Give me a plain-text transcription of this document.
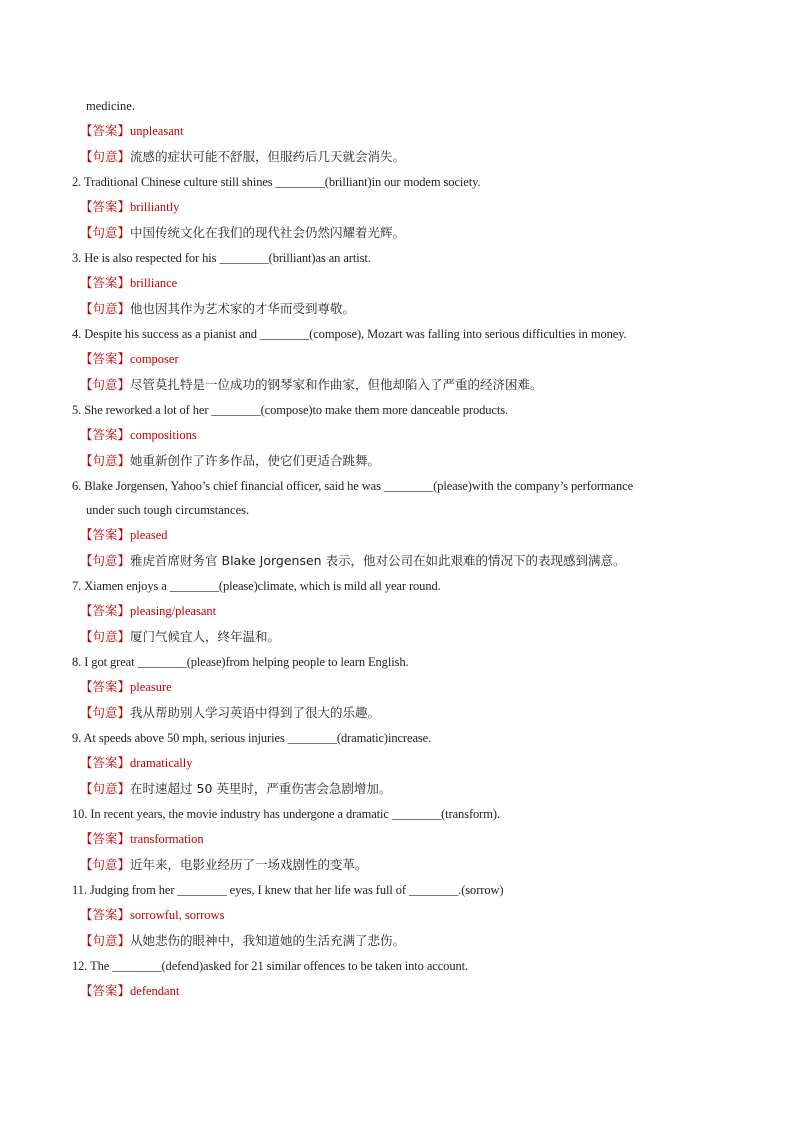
medicine.

【答案】unpleasant

【句意】流感的症状可能不舒服，但服药后几天就会消失。

2. Traditional Chinese culture still shines ________(brilliant)in our modem society.

【答案】brilliantly

【句意】中国传统文化在我们的现代社会仍然闪耀着光辉。

3. He is also respected for his ________(brilliant)as an artist.

【答案】brilliance

【句意】他也因其作为艺术家的才华而受到尊敬。

4. Despite his success as a pianist and ________(compose), Mozart was falling into serious difficulties in money.

【答案】composer

【句意】尽管莫扎特是一位成功的钢琴家和作曲家，但他却陷入了严重的经济困难。

5. She reworked a lot of her ________(compose)to make them more danceable products.

【答案】compositions

【句意】她重新创作了许多作品，使它们更适合跳舞。

6. Blake Jorgensen, Yahoo’s chief financial officer, said he was ________(please)with the company’s performance

under such tough circumstances.

【答案】pleased

【句意】雅虎首席财务官 Blake Jorgensen 表示，他对公司在如此艰难的情况下的表现感到满意。

7. Xiamen enjoys a ________(please)climate, which is mild all year round.

【答案】pleasing/pleasant

【句意】厦门气候宜人，终年温和。

8. I got great ________(please)from helping people to learn English.

【答案】pleasure

【句意】我从帮助别人学习英语中得到了很大的乐趣。

9. At speeds above 50 mph, serious injuries ________(dramatic)increase.

【答案】dramatically

【句意】在时速超过 50 英里时，严重伤害会急剧增加。

10. In recent years, the movie industry has undergone a dramatic ________(transform).

【答案】transformation

【句意】近年来，电影业经历了一场戏剧性的变革。

11. Judging from her ________ eyes, I knew that her life was full of ________.(sorrow)

【答案】sorrowful, sorrows

【句意】从她悲伤的眼神中，我知道她的生活充满了悲伤。

12. The ________(defend)asked for 21 similar offences to be taken into account.

【答案】defendant
